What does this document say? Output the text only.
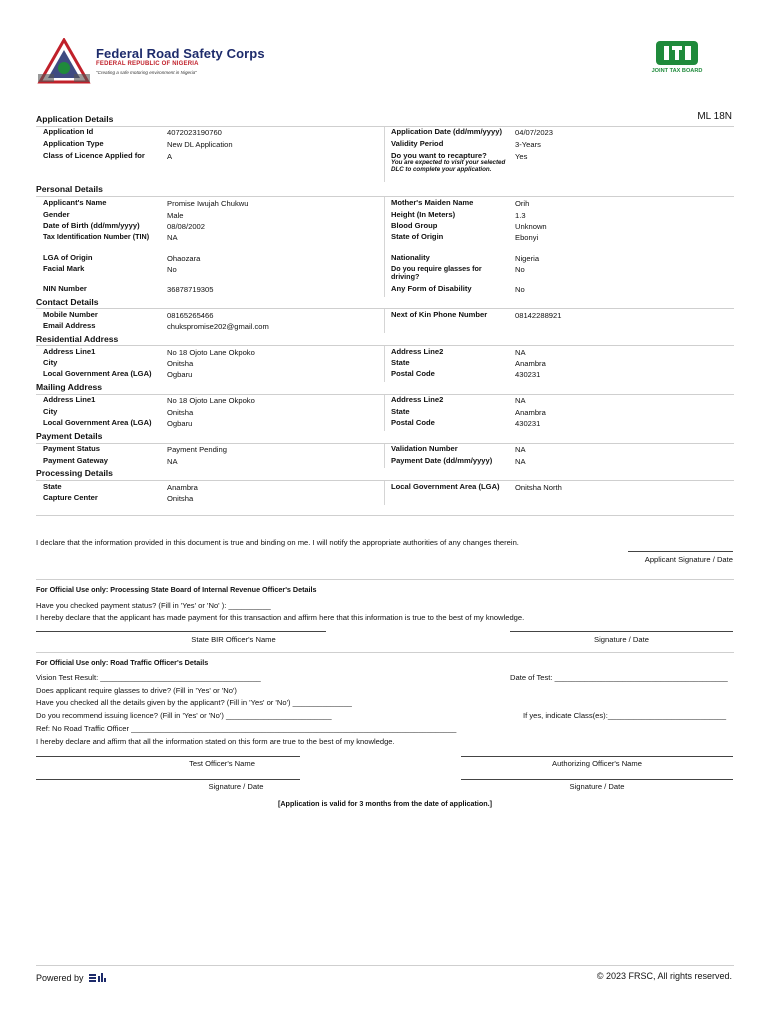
Federal Road Safety Corps
FEDERAL REPUBLIC OF NIGERIA
"Creating a safe motoring environment in Nigeria"	JOINT TAX BOARD
ML 18N
Application Details
Application Id	4072023190760
Application Type	New DL Application
Class of Licence Applied for	A
Application Date (dd/mm/yyyy) 04/07/2023
Validity Period	3-Years
Do you want to recapture?	Yes
You are expected to visit your selected DLC to complete your application.
Personal Details
Applicant's Name	Promise Iwujah Chukwu
Gender	Male
Date of Birth (dd/mm/yyyy)	08/08/2002
Tax Identification Number (TIN)	NA
LGA of Origin	Ohaozara
Facial Mark	No
NIN Number	36878719305
Mother's Maiden Name	Orih
Height (In Meters)	1.3
Blood Group	Unknown
State of Origin	Ebonyi
Nationality	Nigeria
Do you require glasses for driving?
No
Any Form of Disability	No
Contact Details
Mobile Number	08165265466
Email Address	chukspromise202@gmail.com
Next of Kin Phone Number	08142288921
Residential Address
Address Line1	No 18 Ojoto Lane Okpoko
City	Onitsha
Local Government Area (LGA) Ogbaru
Address Line2	NA
State	Anambra
Postal Code	430231
Mailing Address
Address Line1	No 18 Ojoto Lane Okpoko
City	Onitsha
Local Government Area (LGA) Ogbaru
Address Line2	NA
State	Anambra
Postal Code	430231
Payment Details
Payment Status	Payment Pending
Payment Gateway	NA
Validation Number	NA
Payment Date (dd/mm/yyyy)	NA
Processing Details
State	Anambra
Capture Center	Onitsha
Local Government Area (LGA) Onitsha North
I declare that the information provided in this document is true and binding on me. I will notify the appropriate authorities of any changes therein.
Applicant Signature / Date
For Official Use only: Processing State Board of Internal Revenue Officer's Details
Have you checked payment status? (Fill in 'Yes' or 'No' ): __________
I hereby declare that the applicant has made payment for this transaction and affirm here that this information is true to the best of my knowledge.
State BIR Officer's Name	Signature / Date
For Official Use only: Road Traffic Officer's Details
Vision Test Result: ______________________________________	Date of Test: _________________________________________
Does applicant require glasses to drive? (Fill in 'Yes' or 'No')
Have you checked all the details given by the applicant? (Fill in 'Yes' or 'No') ______________
Do you recommend issuing licence? (Fill in 'Yes' or 'No') _________________________	If yes, indicate Class(es):____________________________
Ref: No Road Traffic Officer _____________________________________________________________________________
I hereby declare and affirm that all the information stated on this form are true to the best of my knowledge.
Test Officer's Name	Authorizing Officer's Name
Signature / Date	Signature / Date
[Application is valid for 3 months from the date of application.]
Powered by	© 2023 FRSC, All rights reserved.
